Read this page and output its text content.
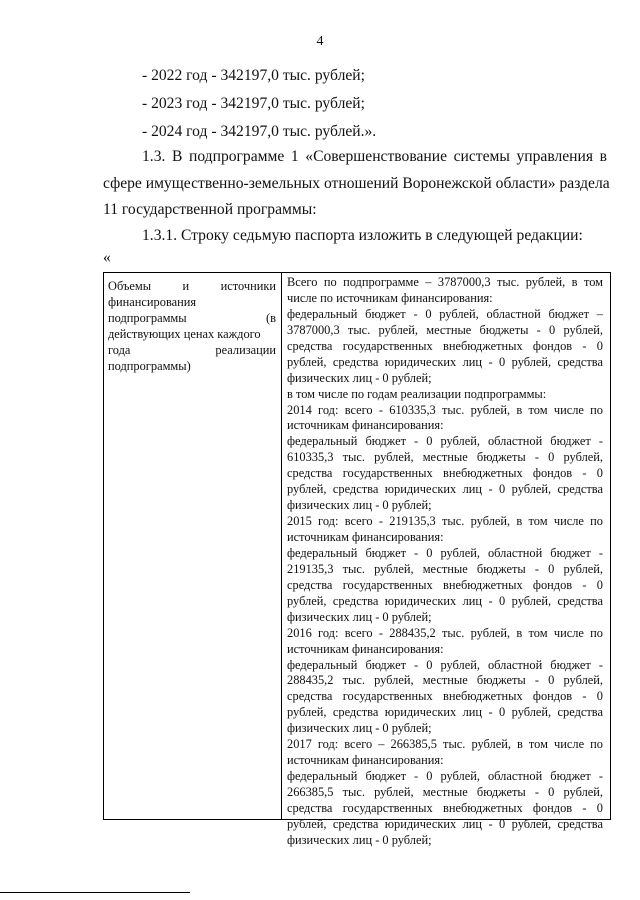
4
- 2022 год - 342197,0 тыс. рублей;
- 2023 год - 342197,0 тыс. рублей;
- 2024 год - 342197,0 тыс. рублей.».
1.3. В подпрограмме 1 «Совершенствование системы управления в
сфере имущественно-земельных отношений Воронежской области» раздела
11 государственной программы:
1.3.1. Строку седьмую паспорта изложить в следующей редакции:
«
Объемы и источники
финансирования
подпрограммы (в
действующих ценах каждого
года реализации
подпрограммы)
Всего по подпрограмме – 3787000,3 тыс. рублей, в том
числе по источникам финансирования:
федеральный бюджет - 0 рублей, областной бюджет –
3787000,3 тыс. рублей, местные бюджеты - 0 рублей,
средства государственных внебюджетных фондов - 0
рублей, средства юридических лиц - 0 рублей, средства
физических лиц - 0 рублей;
в том числе по годам реализации подпрограммы:
2014 год: всего - 610335,3 тыс. рублей, в том числе по
источникам финансирования:
федеральный бюджет - 0 рублей, областной бюджет -
610335,3 тыс. рублей, местные бюджеты - 0 рублей,
средства государственных внебюджетных фондов - 0
рублей, средства юридических лиц - 0 рублей, средства
физических лиц - 0 рублей;
2015 год: всего - 219135,3 тыс. рублей, в том числе по
источникам финансирования:
федеральный бюджет - 0 рублей, областной бюджет -
219135,3 тыс. рублей, местные бюджеты - 0 рублей,
средства государственных внебюджетных фондов - 0
рублей, средства юридических лиц - 0 рублей, средства
физических лиц - 0 рублей;
2016 год: всего - 288435,2 тыс. рублей, в том числе по
источникам финансирования:
федеральный бюджет - 0 рублей, областной бюджет -
288435,2 тыс. рублей, местные бюджеты - 0 рублей,
средства государственных внебюджетных фондов - 0
рублей, средства юридических лиц - 0 рублей, средства
физических лиц - 0 рублей;
2017 год: всего – 266385,5 тыс. рублей, в том числе по
источникам финансирования:
федеральный бюджет - 0 рублей, областной бюджет -
266385,5 тыс. рублей, местные бюджеты - 0 рублей,
средства государственных внебюджетных фондов - 0
рублей, средства юридических лиц - 0 рублей, средства
физических лиц - 0 рублей;
